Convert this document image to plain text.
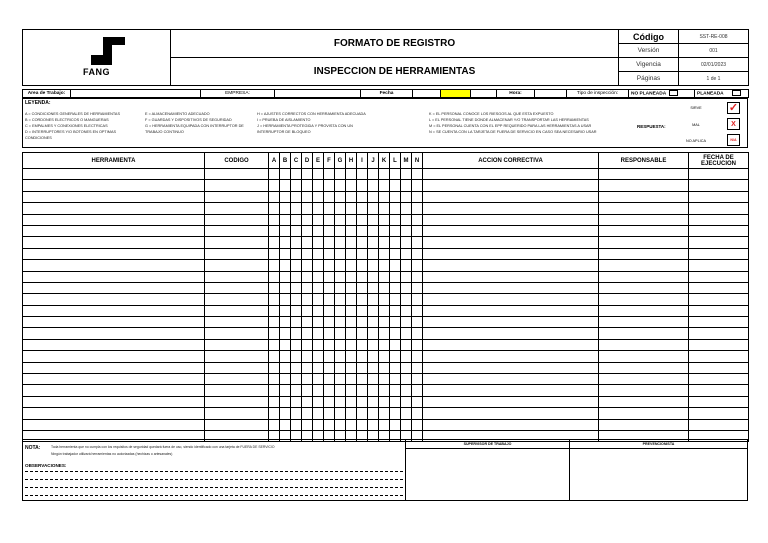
FANG	FORMATO DE REGISTRO	Código	SST-RE-008
		Versión	001
	INSPECCION DE HERRAMIENTAS	Vigencia	02/01/2023
		Páginas	1 de 1
Area de Trabajo:		EMPRESA:		Fecha				Hora:		Tipo de inspección:	NO PLANEADA	PLANEADA
LEYENDA:
A = CONDICIONES GENERALES DE HERRAMIENTAS
B = CORDONES ELECTRICOS O MANGUERAS
C = EMPALMES Y CONEXIONES ELECTRICAS
D = INTERRUPTORES Y/O BOTONES EN OPTIMAS
CONDICIONES
E = ALMACENAMIENTO ADECUADO
F = GUARDAS Y DISPOSITIVOS DE SEGURIDAD
G = HERRAMIENTA EQUIPADA CON INTERRUPTOR DE
TRABAJO CONTINUO
H = AJUSTES CORRECTOS CON HERRAMIENTA ADECUADA
I = PRUEBA DE AISLAMIENTO
J = HERRAMIENTA PROTEGIDA Y PROVISTA CON UN
INTERRUPTOR DE BLOQUEO
K = EL PERSONAL CONOCE LOS RIESGOS AL QUE ESTA EXPUESTO
L = EL PERSONAL TIENE DONDE ALMACENAR Y/O TRANSPORTAR LAS HERRAMIENTAS
M = EL PERSONAL CUENTA CON EL EPP REQUERIDO PARA LAS HERRAMIENTAS A USAR
N = SE CUENTA CON LA TARJETA DE FUERA DE SERVICIO EN CASO SEA NECESARIO USAR
RESPUESTA:
SIRVE	✓
MAL	X
NO APLICA	N/A
HERRAMIENTA	CODIGO	A	B	C	D	E	F	G	H	I	J	K	L	M	N	ACCION CORRECTIVA	RESPONSABLE	FECHA DE EJECUCION

NOTA:	Toda herramienta que no cumpla con los requisitos de seguridad quedará fuera de uso, siendo identificado con una tarjeta de FUERA DE SERVICIO
Ningún trabajador utilizará herramientas no autorizadas (hechizas o artesanales)
OBSERVACIONES:
SUPERVISOR DE TRABAJO	PREVENCIONISTA
